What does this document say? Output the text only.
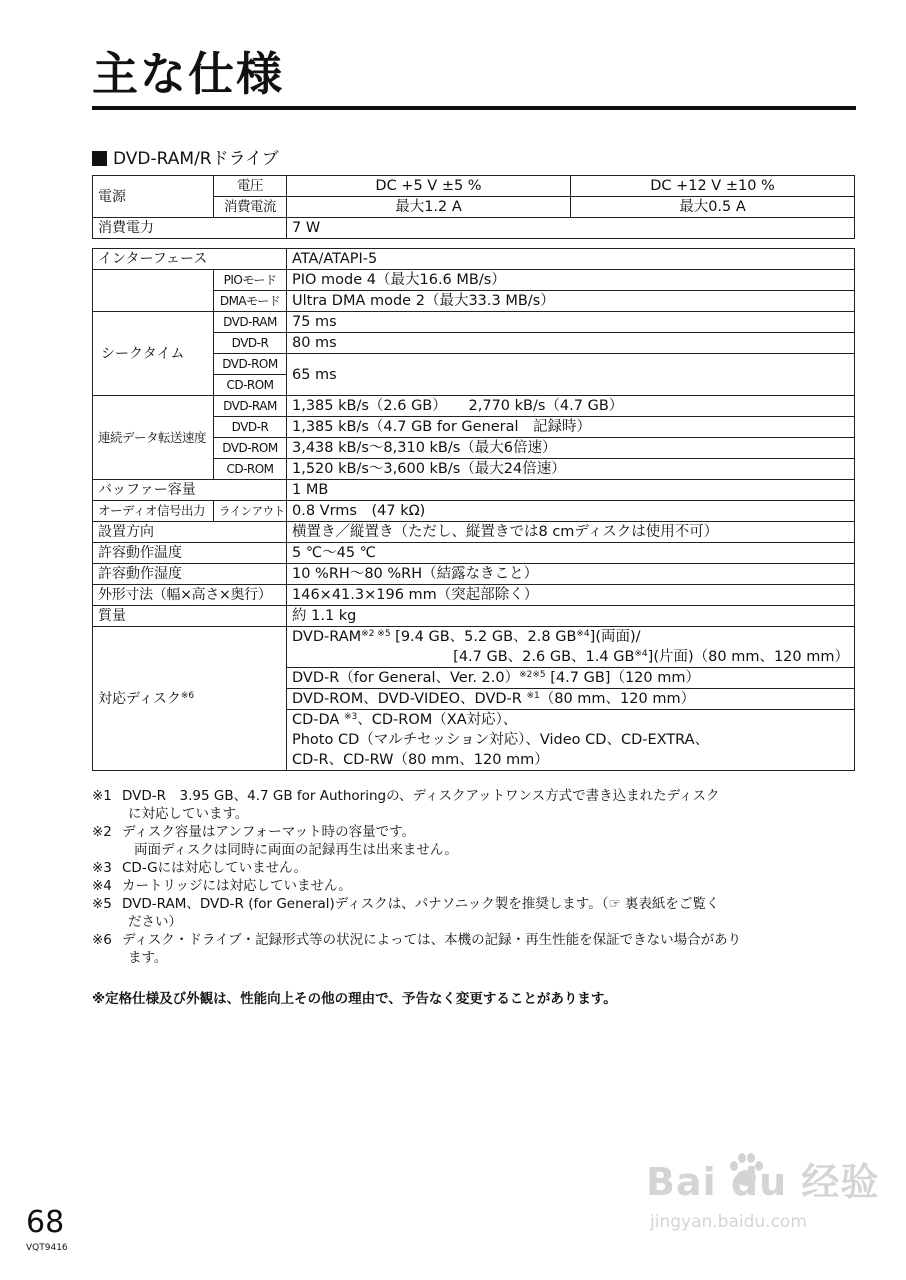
主な仕様
DVD-RAM/Rドライブ
電源	電圧	DC +5 V ±5 %	DC +12 V ±10 %
	消費電流	最大1.2 A	最大0.5 A
消費電力		7 W	
インターフェース		ATA/ATAPI-5
	PIOモード	PIO mode 4（最大16.6 MB/s）
	DMAモード	Ultra DMA mode 2（最大33.3 MB/s）
シークタイム	DVD-RAM	75 ms
	DVD-R	80 ms
	DVD-ROM	65 ms
	CD-ROM	
連続データ転送速度	DVD-RAM	1,385 kB/s（2.6 GB）　　2,770 kB/s（4.7 GB）
	DVD-R	1,385 kB/s（4.7 GB for General　記録時）
	DVD-ROM	3,438 kB/s～8,310 kB/s（最大6倍速）
	CD-ROM	1,520 kB/s～3,600 kB/s（最大24倍速）
バッファー容量		1 MB
オーディオ信号出力	ラインアウト	0.8 Vrms　(47 kΩ)
設置方向		横置き／縦置き（ただし、縦置きでは8 cmディスクは使用不可）
許容動作温度		5 ℃～45 ℃
許容動作湿度		10 %RH～80 %RH（結露なきこと）
外形寸法（幅×高さ×奥行）		146×41.3×196 mm（突起部除く）
質量		約 1.1 kg
対応ディスク$^{※6}$		DVD-$RAM^{※2 ※5}$ [9.4 GB、5.2 GB、2.8 GB$^{※4}$](両面)/
[4.7 GB、2.6 GB、1.4 GB$^{※4}$](片面)（80 mm、120 mm）

		DVD-R（for General、Ver. 2.0）$^{※2※5}$ [4.7 GB]（120 mm）
		DVD-ROM、DVD-VIDEO、DVD-R $^{※1}$（80 mm、120 mm）

		CD-DA $^{※3}$、CD-ROM（XA対応）、
Photo CD（マルチセッション対応）、Video CD、CD-EXTRA、
CD-R、CD-RW（80 mm、120 mm）
※1 DVD-R　3.95 GB、4.7 GB for Authoringの、ディスクアットワンス方式で書き込まれたディスク
に対応しています。
※2 ディスク容量はアンフォーマット時の容量です。
両面ディスクは同時に両面の記録再生は出来ません。
※3 CD-Gには対応していません。
※4 カートリッジには対応していません。
※5 DVD-RAM、DVD-R (for General)ディスクは、パナソニック製を推奨します。（☞ 裏表紙をご覧く
ださい）
※6 ディスク・ドライブ・記録形式等の状況によっては、本機の記録・再生性能を保証できない場合があり
ます。
※定格仕様及び外観は、性能向上その他の理由で、予告なく変更することがあります。
68
VQT9416
Bai du 经验
jingyan.baidu.com
